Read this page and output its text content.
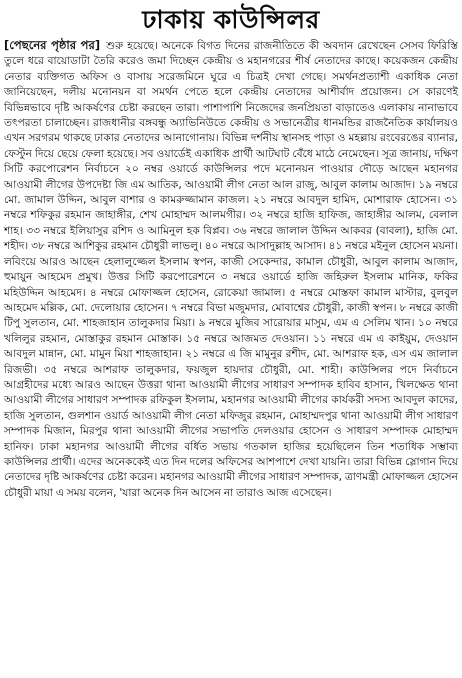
ঢাকায় কাউন্সিলর

[পেছনের পৃষ্ঠার পর] শুরু হয়েছে। অনেকে বিগত দিনের রাজনীতিতে কী অবদান রেখেছেন সেসব ফিরিস্তি তুলে ধরে বায়োডাটা তৈরি করেও জমা দিচ্ছেন কেন্দ্রীয় ও মহানগরের শীর্ষ নেতাদের কাছে। কয়েকজন কেন্দ্রীয় নেতার ব্যক্তিগত অফিস ও বাসায় সরেজমিনে ঘুরে এ চিত্রই দেখা গেছে। সমর্থনপ্রত্যাশী একাধিক নেতা জানিয়েছেন, দলীয় মনোনয়ন বা সমর্থন পেতে হলে কেন্দ্রীয় নেতাদের আশীর্বাদ প্রয়োজন। সে কারণেই বিভিন্নভাবে দৃষ্টি আকর্ষণের চেষ্টা করছেন তারা। পাশাপাশি নিজেদের জনপ্রিয়তা বাড়াতেও এলাকায় নানাভাবে তৎপরতা চালাচ্ছেন। রাজধানীর বঙ্গবন্ধু অ্যাভিনিউতে কেন্দ্রীয় ও সভানেত্রীর ধানমন্ডির রাজনৈতিক কার্যালয়ও এখন সরগরম থাকছে ঢাকার নেতাদের আনাগোনায়। বিভিন্ন দর্শনীয় স্থানসহ পাড়া ও মহল্লায় রংবেরঙের ব্যানার, ফেস্টুন দিয়ে ছেয়ে ফেলা হয়েছে। সব ওয়ার্ডেই একাধিক প্রার্থী আটঘাট বেঁধে মাঠে নেমেছেন। সূত্র জানায়, দক্ষিণ সিটি করপোরেশন নির্বাচনে ২০ নম্বর ওয়ার্ডে কাউন্সিলর পদে মনোনয়ন পাওয়ার দৌড়ে আছেন মহানগর আওয়ামী লীগের উপদেষ্টা জি এম আতিক, আওয়ামী লীগ নেতা আল রাজু, আবুল কালাম আজাদ। ১৯ নম্বরে মো. জামাল উদ্দিন, আবুল বাশার ও কামরুজ্জামান কাজল। ২১ নম্বরে আবদুল হামিদ, মোশারাফ হোসেন। ৩১ নম্বরে শফিকুর রহমান জাহাঙ্গীর, শেখ মোহাম্মদ আলমগীর। ৩২ নম্বরে হাজি হাফিজ, জাহাঙ্গীর আলম, বেলাল শাহ। ৩৩ নম্বরে ইলিয়াসুর রশিদ ও আমিনুল হক বিপ্লব। ৩৬ নম্বরে জালাল উদ্দিন আকবর (বাবলা), হাজি মো. শহীদ। ৩৮ নম্বরে আশিকুর রহমান চৌধুরী লাভলু। ৪০ নম্বরে আসাদুল্লাহ আসাদ। ৪১ নম্বরে মইনুল হোসেন ময়না। লবিংয়ে আরও আছেন হেলালুজ্জেল ইসলাম স্বপন, কাজী সেকেন্দার, কামাল চৌধুরী, আবুল কালাম আজাদ, হুমায়ুন আহমেদ প্রমুখ। উত্তর সিটি করপোরেশনে ৩ নম্বরে ওয়ার্ডে হাজি জহিরুল ইসলাম মানিক, ফকির মহিউদ্দিন আহমেদ। ৪ নম্বরে মোফাজ্জল হোসেন, রোকেয়া জামাল। ৫ নম্বরে মোস্তফা কামাল মাস্টার, বুলবুল আহমেদ মল্লিক, মো. দেলোয়ার হোসেন। ৭ নম্বরে বিভা মজুমদার, মোবাশ্বের চৌধুরী, কাজী স্বপন। ৮ নম্বরে কাজী টিপু সুলতান, মো. শাহজাহান তালুকদার মিয়া। ৯ নম্বরে মুজিব সারোয়ার মাসুম, এম এ সেলিম খান। ১০ নম্বরে খলিলুর রহমান, মোস্তাকুর রহমান মোস্তাক। ১৫ নম্বরে আজমত দেওয়ান। ১১ নম্বরে এম এ কাইয়ুম, দেওয়ান আবদুল মান্নান, মো. মামুন মিয়া শাহজাহান। ২১ নম্বরে এ জি মামুনুর রশীদ, মো. আশরাফ হক, এস এম জালাল রিজভী। ৩৫ নম্বরে আশরাফ তালুকদার, ফয়জুল হায়দার চৌধুরী, মো. শাহী। কাউন্সিলর পদে নির্বাচনে আগ্রহীদের মধ্যে আরও আছেন উত্তরা থানা আওয়ামী লীগের সাধারণ সম্পাদক হাবিব হাসান, খিলক্ষেত থানা আওয়ামী লীগের সাধারণ সম্পাদক রফিকুল ইসলাম, মহানগর আওয়ামী লীগের কার্যকরী সদস্য আবদুল কাদের, হাজি সুলতান, গুলশান ওয়ার্ড আওয়ামী লীগ নেতা মফিজুর রহমান, মোহাম্মদপুর থানা আওয়ামী লীগ সাধারণ সম্পাদক মিজান, মিরপুর থানা আওয়ামী লীগের সভাপতি দেলওয়ার হোসেন ও সাধারণ সম্পাদক মোহাম্মদ হানিফ। ঢাকা মহানগর আওয়ামী লীগের বর্ধিত সভায় গতকাল হাজির হয়েছিলেন তিন শতাধিক সম্ভাব্য কাউন্সিলর প্রার্থী। এদের অনেককেই এত দিন দলের অফিসের আশপাশে দেখা যায়নি। তারা বিভিন্ন স্লোগান দিয়ে নেতাদের দৃষ্টি আকর্ষণের চেষ্টা করেন। মহানগর আওয়ামী লীগের সাধারণ সম্পাদক, ত্রাণমন্ত্রী মোফাজ্জল হোসেন চৌধুরী মায়া এ সময় বলেন, 'যারা অনেক দিন আসেন না তারাও আজ এসেছেন।
